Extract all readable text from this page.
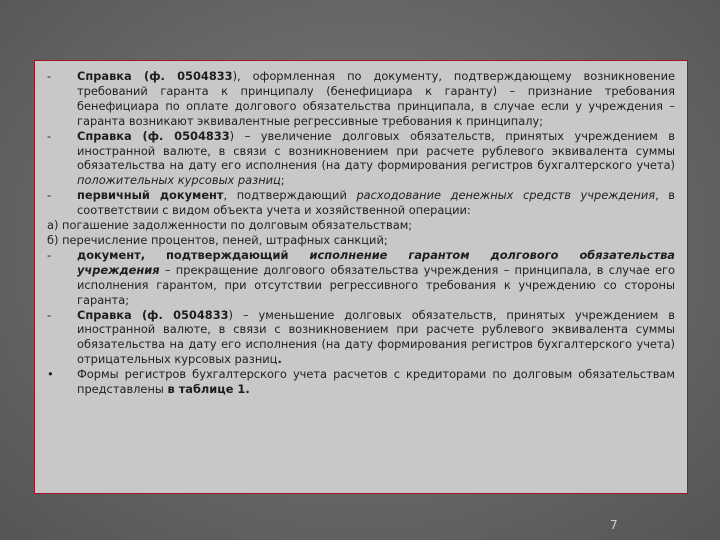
-	Справка (ф. 0504833), оформленная по документу, подтверждающему возникновение требований гаранта к принципалу (бенефициара к гаранту) – признание требования бенефициара по оплате долгового обязательства принципала, в случае если у учреждения – гаранта возникают эквивалентные регрессивные требования к принципалу;
-	Справка (ф. 0504833) – увеличение долговых обязательств, принятых учреждением в иностранной валюте, в связи с возникновением при расчете рублевого эквивалента суммы обязательства на дату его исполнения (на дату формирования регистров бухгалтерского учета) положительных курсовых разниц;
-	первичный документ, подтверждающий расходование денежных средств учреждения, в соответствии с видом объекта учета и хозяйственной операции:
а) погашение задолженности по долговым обязательствам;
б) перечисление процентов, пеней, штрафных санкций;
-	документ, подтверждающий исполнение гарантом долгового обязательства учреждения – прекращение долгового обязательства учреждения – принципала, в случае его исполнения гарантом, при отсутствии регрессивного требования к учреждению со стороны гаранта;
-	Справка (ф. 0504833) – уменьшение долговых обязательств, принятых учреждением в иностранной валюте, в связи с возникновением при расчете рублевого эквивалента суммы обязательства на дату его исполнения (на дату формирования регистров бухгалтерского учета) отрицательных курсовых разниц.
•	Формы регистров бухгалтерского учета расчетов с кредиторами по долговым обязательствам представлены в таблице 1.
7
